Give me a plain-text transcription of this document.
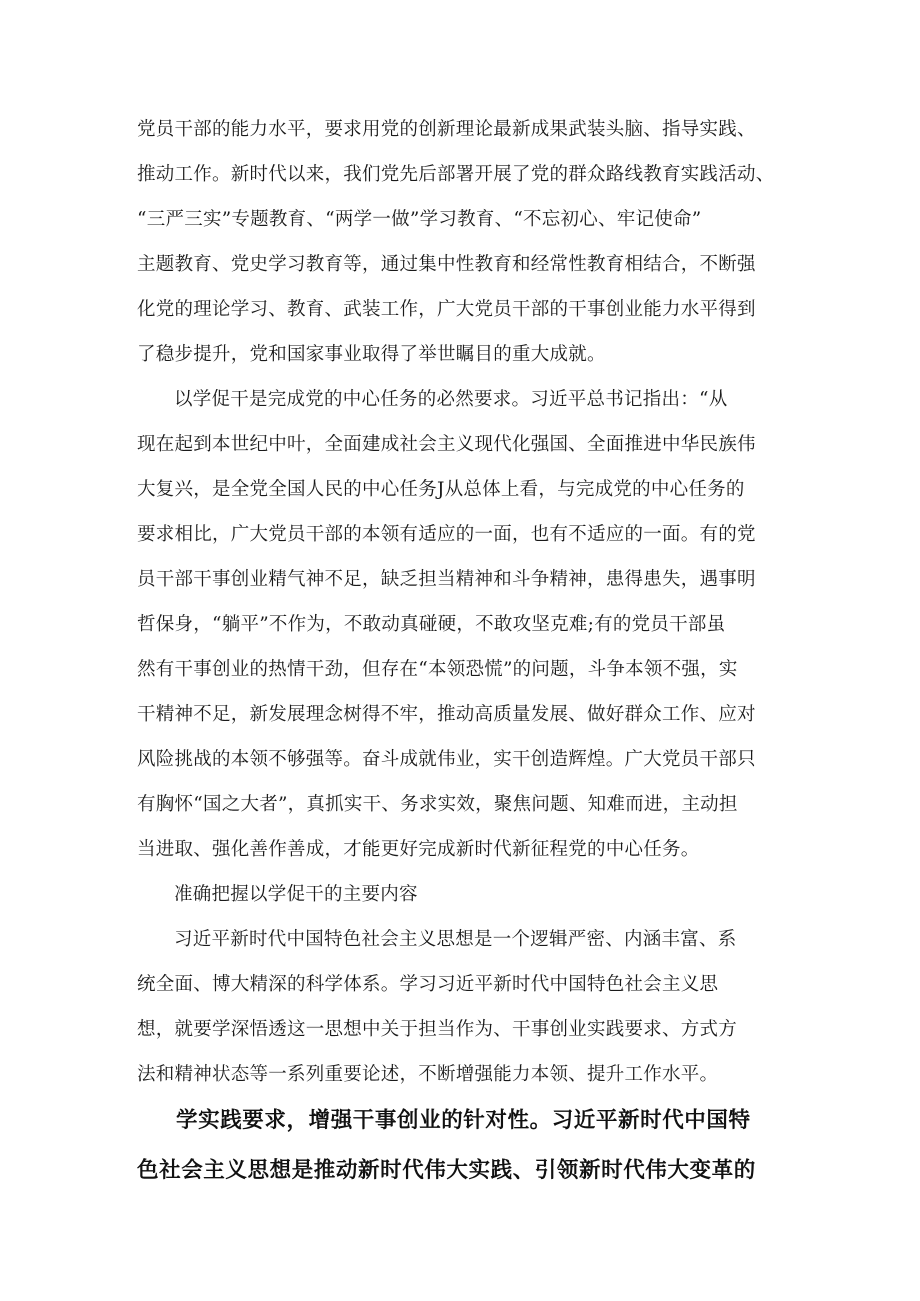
党员干部的能力水平，要求用党的创新理论最新成果武装头脑、指导实践、
推动工作。新时代以来，我们党先后部署开展了党的群众路线教育实践活动、
“三严三实”专题教育、“两学一做”学习教育、“不忘初心、牢记使命”
主题教育、党史学习教育等，通过集中性教育和经常性教育相结合，不断强
化党的理论学习、教育、武装工作，广大党员干部的干事创业能力水平得到
了稳步提升，党和国家事业取得了举世瞩目的重大成就。
以学促干是完成党的中心任务的必然要求。习近平总书记指出：“从
现在起到本世纪中叶，全面建成社会主义现代化强国、全面推进中华民族伟
大复兴，是全党全国人民的中心任务J从总体上看，与完成党的中心任务的
要求相比，广大党员干部的本领有适应的一面，也有不适应的一面。有的党
员干部干事创业精气神不足，缺乏担当精神和斗争精神，患得患失，遇事明
哲保身，“躺平”不作为，不敢动真碰硬，不敢攻坚克难;有的党员干部虽
然有干事创业的热情干劲，但存在“本领恐慌”的问题，斗争本领不强，实
干精神不足，新发展理念树得不牢，推动高质量发展、做好群众工作、应对
风险挑战的本领不够强等。奋斗成就伟业，实干创造辉煌。广大党员干部只
有胸怀“国之大者”，真抓实干、务求实效，聚焦问题、知难而进，主动担
当进取、强化善作善成，才能更好完成新时代新征程党的中心任务。
准确把握以学促干的主要内容
习近平新时代中国特色社会主义思想是一个逻辑严密、内涵丰富、系
统全面、博大精深的科学体系。学习习近平新时代中国特色社会主义思
想，就要学深悟透这一思想中关于担当作为、干事创业实践要求、方式方
法和精神状态等一系列重要论述，不断增强能力本领、提升工作水平。
学实践要求，增强干事创业的针对性。习近平新时代中国特
色社会主义思想是推动新时代伟大实践、引领新时代伟大变革的
